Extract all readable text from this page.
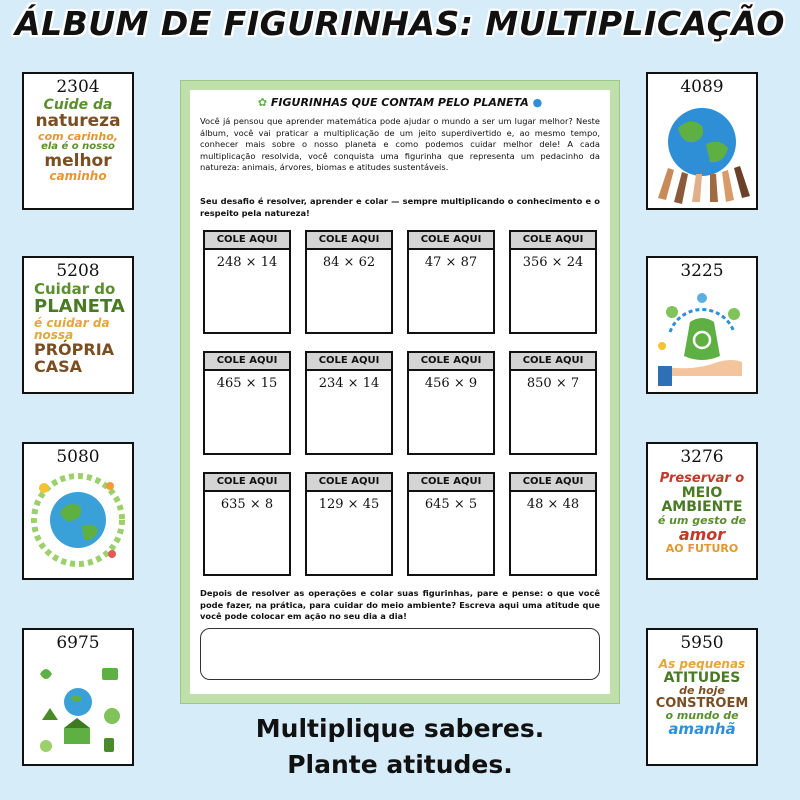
ÁLBUM DE FIGURINHAS: MULTIPLICAÇÃO
2304
Cuide da
natureza
com carinho,
ela é o nosso
melhor
caminho
5208
Cuidar do
PLANETA
é cuidar da
nossa
PRÓPRIA
CASA
5080
6975
4089
3225
3276
Preservar o
MEIO
AMBIENTE
é um gesto de
amor
AO FUTURO
5950
As pequenas
ATITUDES
de hoje
CONSTROEM
o mundo de
amanhã
✿ FIGURINHAS QUE CONTAM PELO PLANETA ●
Você já pensou que aprender matemática pode ajudar o mundo a ser um lugar melhor? Neste álbum, você vai praticar a multiplicação de um jeito superdivertido e, ao mesmo tempo, conhecer mais sobre o nosso planeta e como podemos cuidar melhor dele! A cada multiplicação resolvida, você conquista uma figurinha que representa um pedacinho da natureza: animais, árvores, biomas e atitudes sustentáveis.
Seu desafio é resolver, aprender e colar — sempre multiplicando o conhecimento e o respeito pela natureza!
COLE AQUI
248 × 14
COLE AQUI
84 × 62
COLE AQUI
47 × 87
COLE AQUI
356 × 24
COLE AQUI
465 × 15
COLE AQUI
234 × 14
COLE AQUI
456 × 9
COLE AQUI
850 × 7
COLE AQUI
635 × 8
COLE AQUI
129 × 45
COLE AQUI
645 × 5
COLE AQUI
48 × 48
Depois de resolver as operações e colar suas figurinhas, pare e pense: o que você pode fazer, na prática, para cuidar do meio ambiente? Escreva aqui uma atitude que você pode colocar em ação no seu dia a dia!
Multiplique saberes.
Plante atitudes.
